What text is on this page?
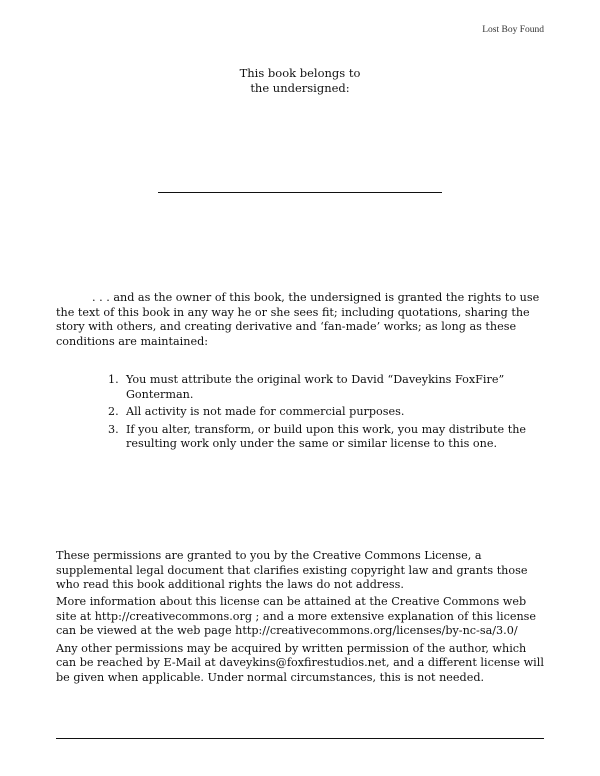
Lost Boy Found
This book belongs to
the undersigned:

. . . and as the owner of this book, the undersigned is granted the rights to use the text of this book in any way he or she sees fit; including quotations, sharing the story with others, and creating derivative and ‘fan-made’ works; as long as these conditions are maintained:

1. You must attribute the original work to David “Daveykins FoxFire” Gonterman.
2. All activity is not made for commercial purposes.
3. If you alter, transform, or build upon this work, you may distribute the resulting work only under the same or similar license to this one.

These permissions are granted to you by the Creative Commons License, a supplemental legal document that clarifies existing copyright law and grants those who read this book additional rights the laws do not address.

More information about this license can be attained at the Creative Commons web site at http://creativecommons.org ; and a more extensive explanation of this license can be viewed at the web page http://creativecommons.org/licenses/by-nc-sa/3.0/

Any other permissions may be acquired by written permission of the author, which can be reached by E-Mail at daveykins@foxfirestudios.net, and a different license will be given when applicable. Under normal circumstances, this is not needed.
